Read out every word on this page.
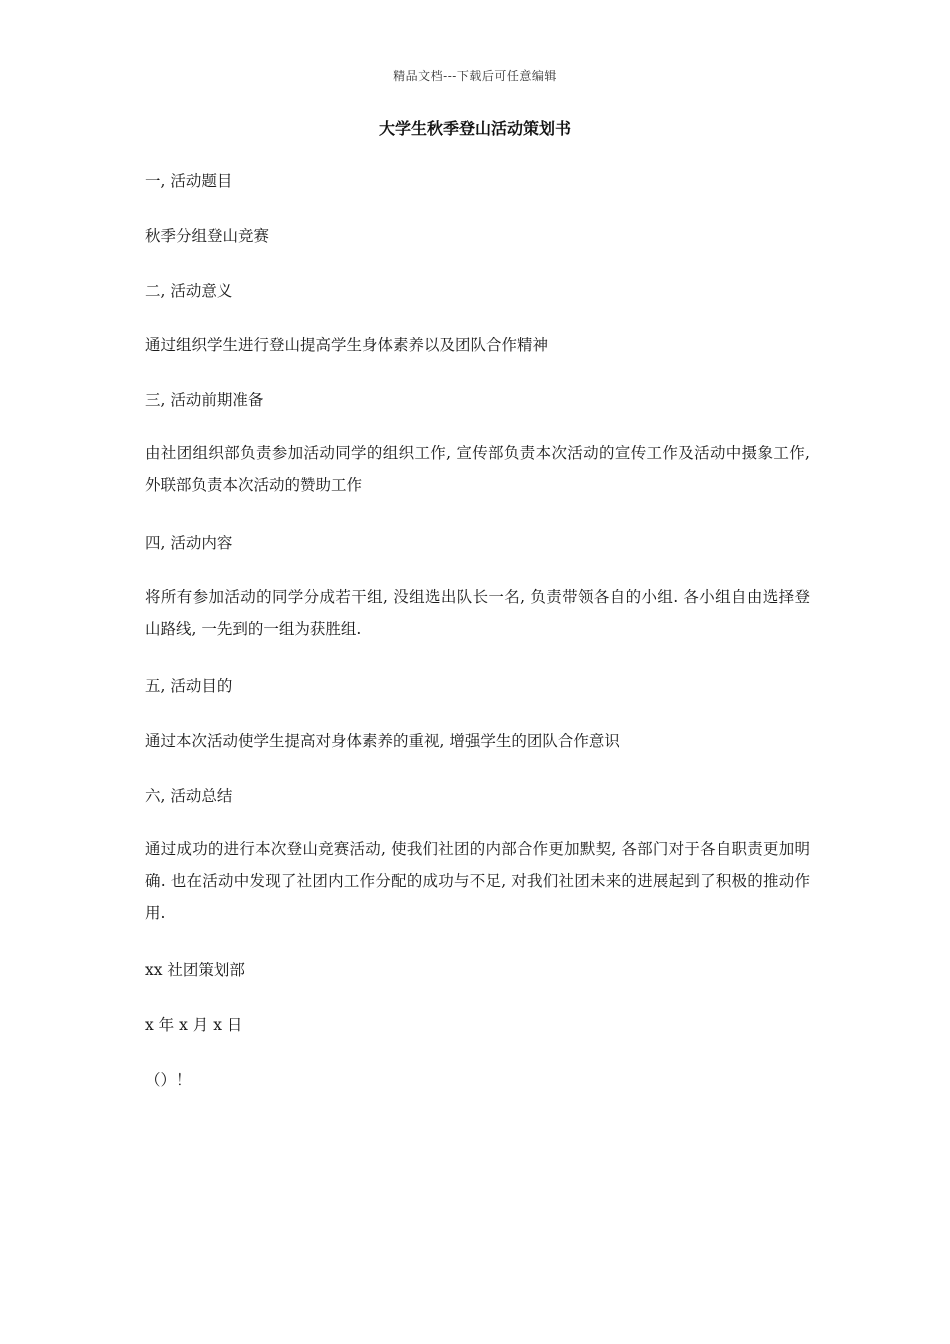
精品文档---下载后可任意编辑
大学生秋季登山活动策划书
一, 活动题目
秋季分组登山竞赛
二, 活动意义
通过组织学生进行登山提高学生身体素养以及团队合作精神
三, 活动前期准备
由社团组织部负责参加活动同学的组织工作, 宣传部负责本次活动的宣传工作及活动中摄象工作, 外联部负责本次活动的赞助工作
四, 活动内容
将所有参加活动的同学分成若干组, 没组选出队长一名, 负责带领各自的小组. 各小组自由选择登山路线, 一先到的一组为获胜组.
五, 活动目的
通过本次活动使学生提高对身体素养的重视, 增强学生的团队合作意识
六, 活动总结
通过成功的进行本次登山竞赛活动, 使我们社团的内部合作更加默契, 各部门对于各自职责更加明确. 也在活动中发现了社团内工作分配的成功与不足, 对我们社团未来的进展起到了积极的推动作用.
xx 社团策划部
x 年 x 月 x 日
（）！
